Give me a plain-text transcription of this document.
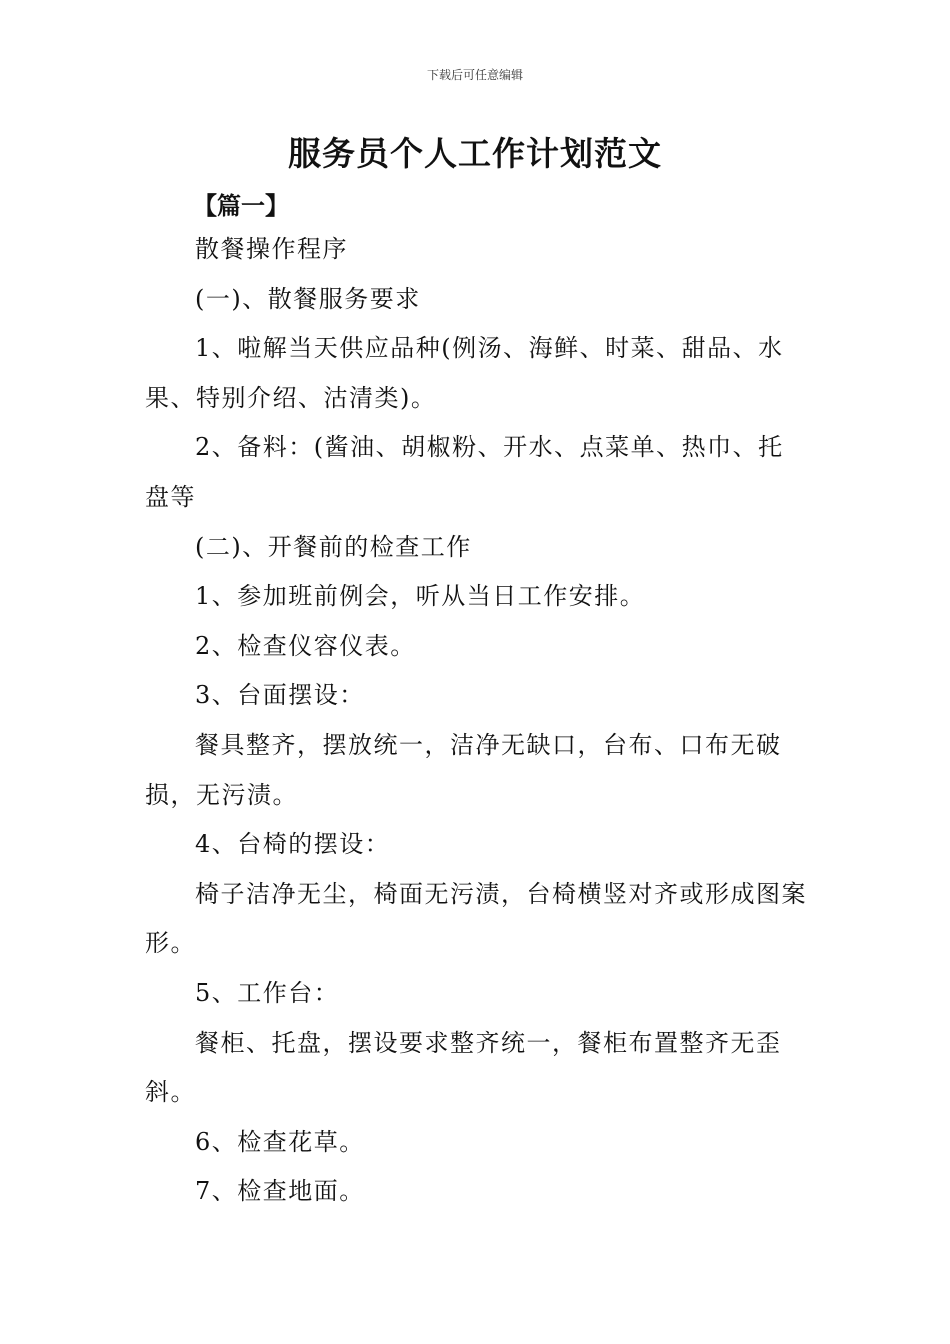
下载后可任意编辑
服务员个人工作计划范文
【篇一】

散餐操作程序

(一)、散餐服务要求

1、啦解当天供应品种(例汤、海鲜、时菜、甜品、水果、特别介绍、沽清类)。

2、备料：(酱油、胡椒粉、开水、点菜单、热巾、托盘等

(二)、开餐前的检查工作

1、参加班前例会，听从当日工作安排。

2、检查仪容仪表。

3、台面摆设：

餐具整齐，摆放统一，洁净无缺口，台布、口布无破损，无污渍。

4、台椅的摆设：

椅子洁净无尘，椅面无污渍，台椅横竖对齐或形成图案形。

5、工作台：

餐柜、托盘，摆设要求整齐统一，餐柜布置整齐无歪斜。

6、检查花草。

7、检查地面。
